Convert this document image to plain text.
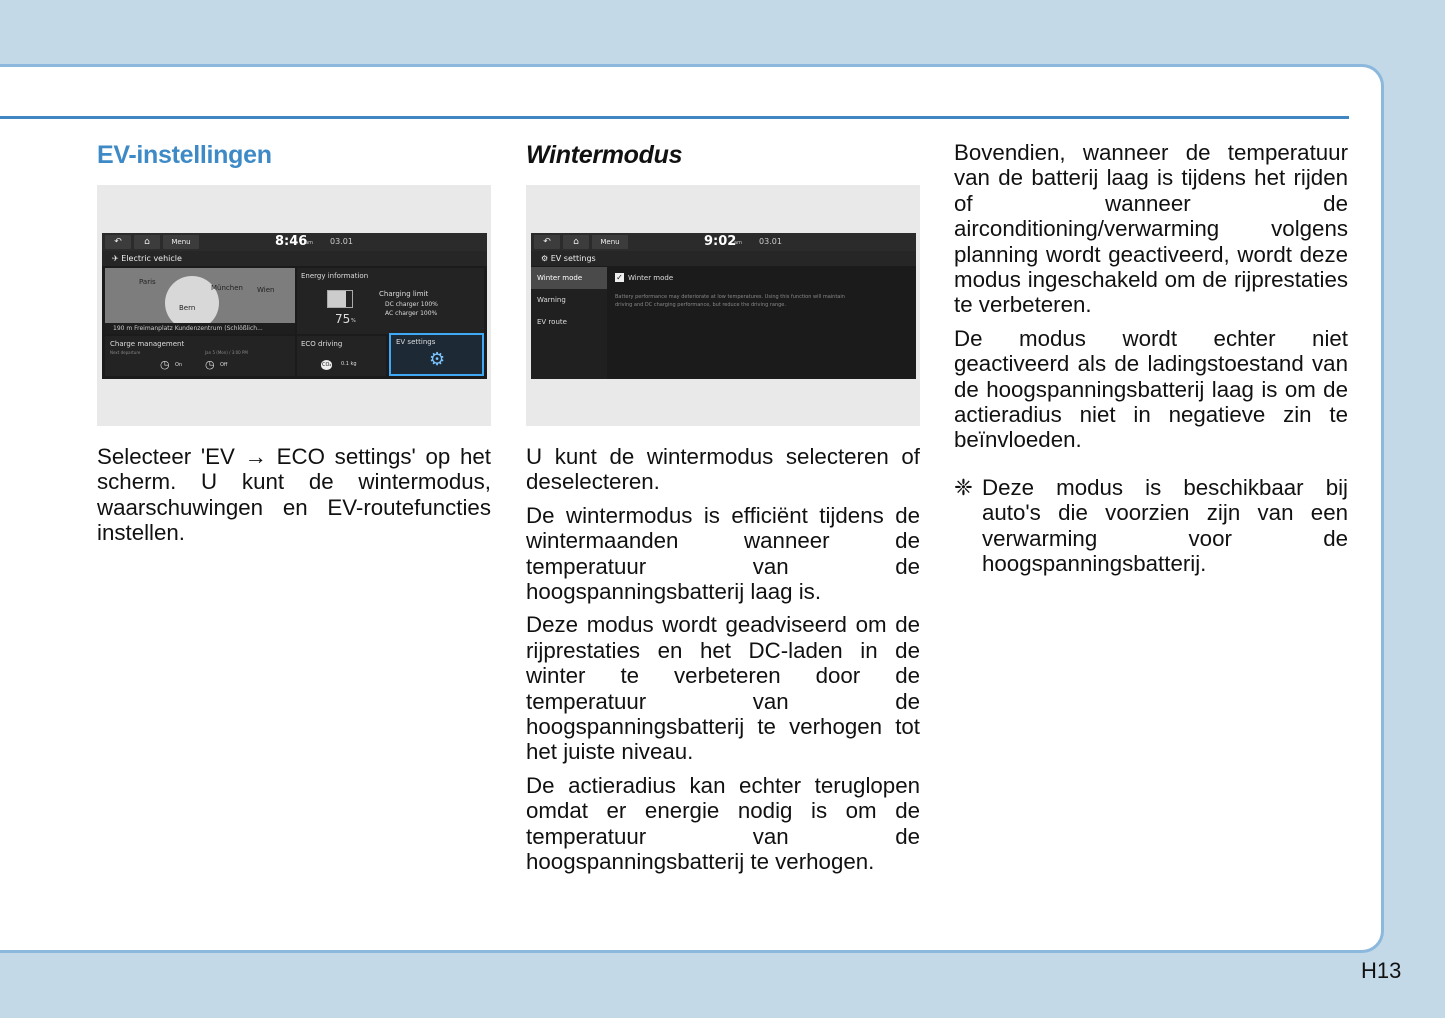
EV-instellingen
↶	⌂	Menu	8:46
am 03.01
✈ Electric vehicle
Paris
München Wien
Bern
190 m Freimanplatz Kundenzentrum (Schlößlich...
Energy information
75 %
Charging limit
DC charger 100%
AC charger 100%
Charge management
Next departure	Jan 5 (Mon) / 3:00 PM
◷ On ◷ Off
ECO driving
CO₂ 0.1 kg
EV settings
⚙

Selecteer 'EV → ECO settings' op het scherm. U kunt de wintermodus, waarschuwingen en EV-routefuncties instellen.

Wintermodus
↶	⌂	Menu	9:02
am 03.01
⚙ EV settings
Winter mode
Warning
EV route
✓ Winter mode
Battery performance may deteriorate at low temperatures. Using this function will maintain driving and DC charging performance, but reduce the driving range.

U kunt de wintermodus selecteren of deselecteren.

De wintermodus is efficiënt tijdens de wintermaanden wanneer de temperatuur van de hoogspanningsbatterij laag is.

Deze modus wordt geadviseerd om de rijprestaties en het DC-laden in de winter te verbeteren door de temperatuur van de hoogspanningsbatterij te verhogen tot het juiste niveau.

De actieradius kan echter teruglopen omdat er energie nodig is om de temperatuur van de hoogspanningsbatterij te verhogen.

Bovendien, wanneer de temperatuur van de batterij laag is tijdens het rijden of wanneer de airconditioning/verwarming volgens planning wordt geactiveerd, wordt deze modus ingeschakeld om de rijprestaties te verbeteren.

De modus wordt echter niet geactiveerd als de ladingstoestand van de hoogspanningsbatterij laag is om de actieradius niet in negatieve zin te beïnvloeden.

❈ Deze modus is beschikbaar bij auto's die voorzien zijn van een verwarming voor de hoogspanningsbatterij.
H13
